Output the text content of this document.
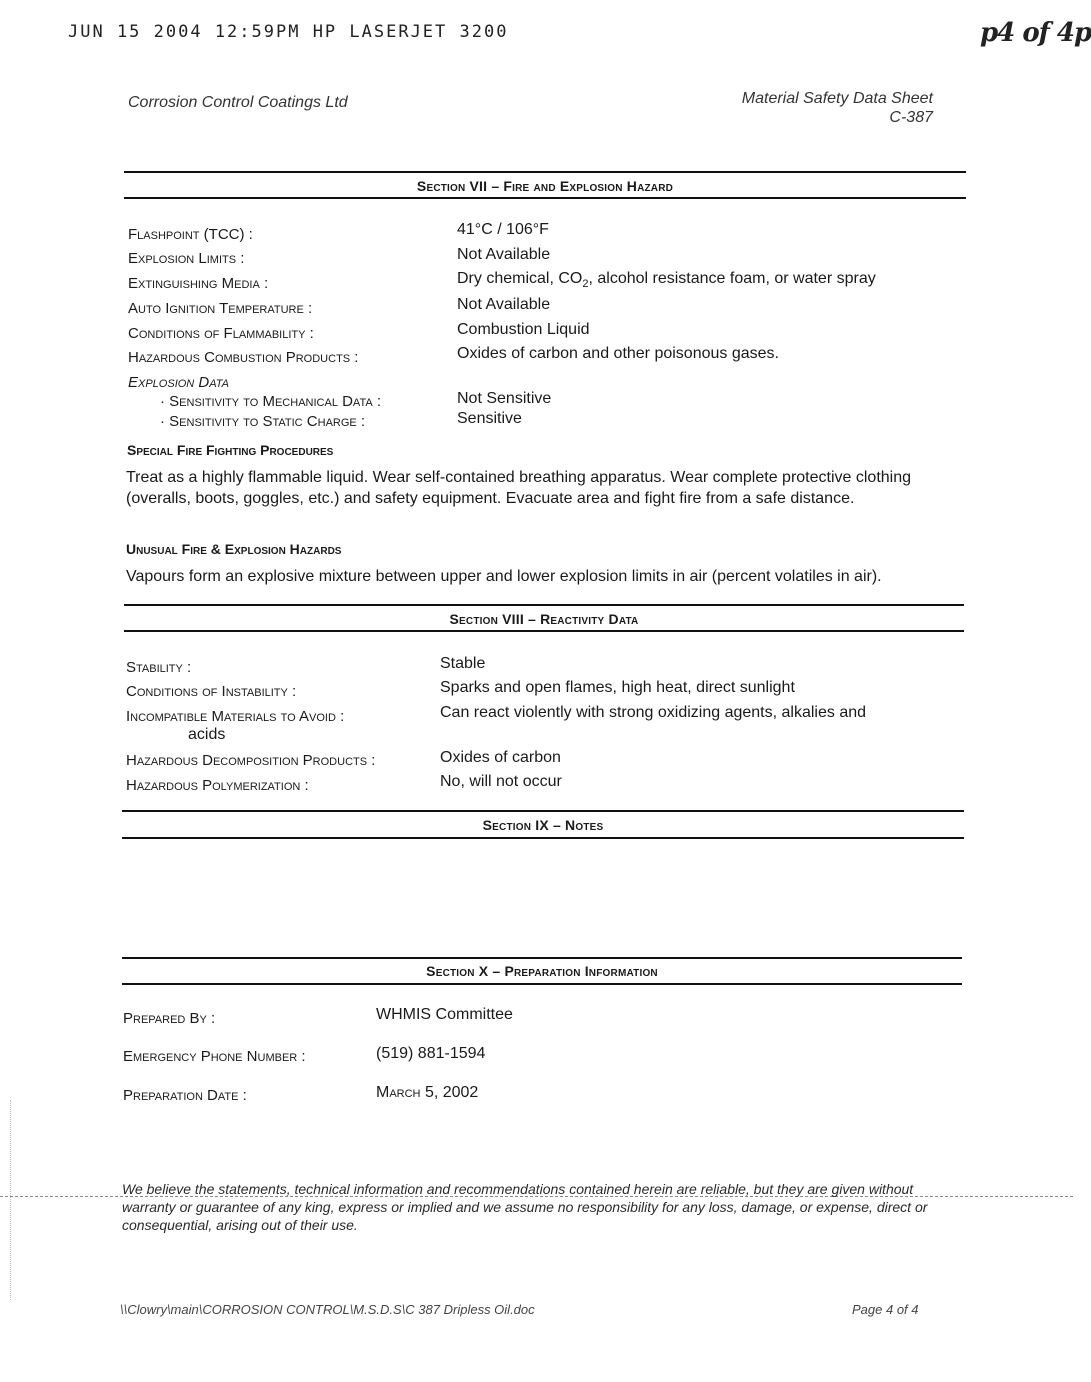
JUN 15 2004 12:59PM HP LASERJET 3200	p4 of 4p
Corrosion Control Coatings Ltd	Material Safety Data Sheet
C-387
Section VII – Fire and Explosion Hazard
Flashpoint (TCC) :	41°C / 106°F
Explosion Limits :	Not Available
Extinguishing Media :	Dry chemical, $CO_2$, alcohol resistance foam, or water spray
Auto Ignition Temperature :	Not Available
Conditions of Flammability :	Combustion Liquid
Hazardous Combustion Products :	Oxides of carbon and other poisonous gases.
Explosion Data
· Sensitivity to Mechanical Data :	Not Sensitive
· Sensitivity to Static Charge :	Sensitive
Special Fire Fighting Procedures
Treat as a highly flammable liquid. Wear self-contained breathing apparatus. Wear complete protective clothing (overalls, boots, goggles, etc.) and safety equipment. Evacuate area and fight fire from a safe distance.
Unusual Fire & Explosion Hazards
Vapours form an explosive mixture between upper and lower explosion limits in air (percent volatiles in air).
Section VIII – Reactivity Data
Stability :	Stable
Conditions of Instability :	Sparks and open flames, high heat, direct sunlight
Incompatible Materials to Avoid :	Can react violently with strong oxidizing agents, alkalies and
acids
Hazardous Decomposition Products :	Oxides of carbon
Hazardous Polymerization :	No, will not occur
Section IX – Notes
Section X – Preparation Information
Prepared By :	WHMIS Committee
Emergency Phone Number :	(519) 881-1594
Preparation Date :	March 5, 2002
We believe the statements, technical information and recommendations contained herein are reliable, but they are given without warranty or guarantee of any king, express or implied and we assume no responsibility for any loss, damage, or expense, direct or consequential, arising out of their use.
\\Clowry\main\CORROSION CONTROL\M.S.D.S\C 387 Dripless Oil.doc	Page 4 of 4
